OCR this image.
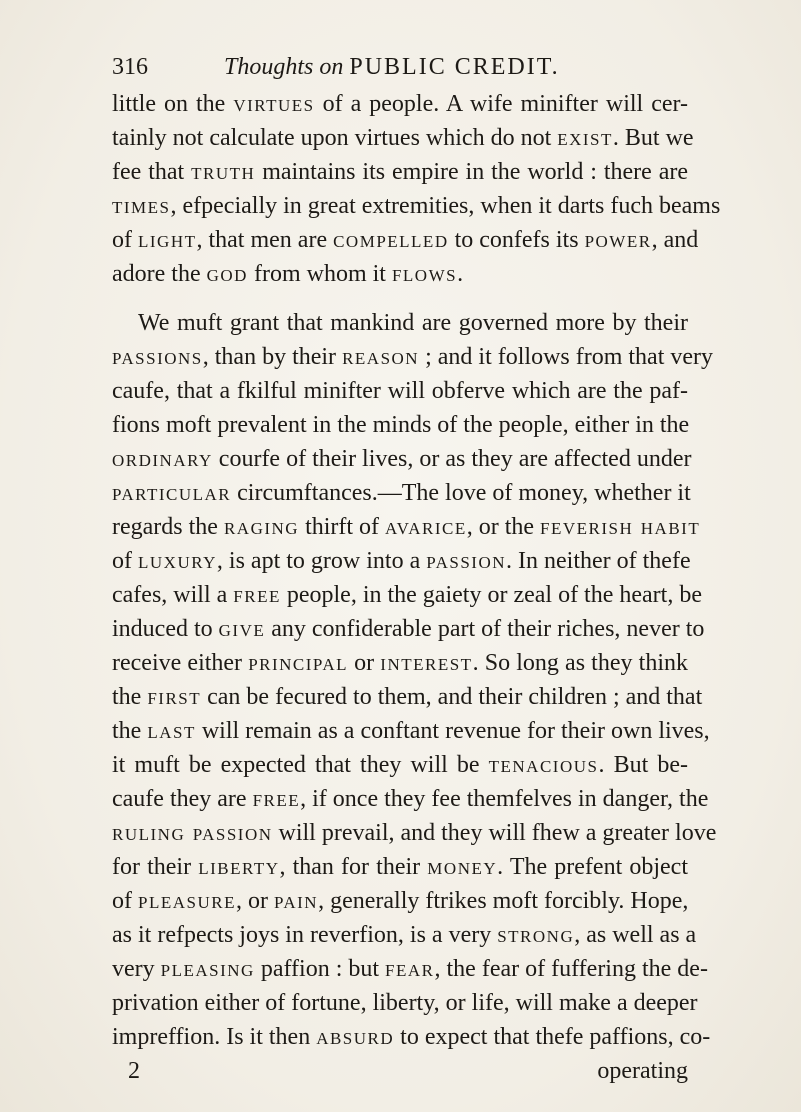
316	Thoughts on PUBLIC CREDIT.
little on the virtues of a people. A wife minifter will cer-
tainly not calculate upon virtues which do not exist. But we
fee that truth maintains its empire in the world : there are
times, efpecially in great extremities, when it darts fuch beams
of light, that men are compelled to confefs its power, and
adore the god from whom it flows.
We muft grant that mankind are governed more by their
passions, than by their reason ; and it follows from that very
caufe, that a fkilful minifter will obferve which are the paf-
fions moft prevalent in the minds of the people, either in the
ordinary courfe of their lives, or as they are affected under
particular circumftances.—The love of money, whether it
regards the raging thirft of avarice, or the feverish habit
of luxury, is apt to grow into a passion. In neither of thefe
cafes, will a free people, in the gaiety or zeal of the heart, be
induced to give any confiderable part of their riches, never to
receive either principal or interest. So long as they think
the first can be fecured to them, and their children ; and that
the last will remain as a conftant revenue for their own lives,
it muft be expected that they will be tenacious. But be-
caufe they are free, if once they fee themfelves in danger, the
ruling passion will prevail, and they will fhew a greater love
for their liberty, than for their money. The prefent object
of pleasure, or pain, generally ftrikes moft forcibly. Hope,
as it refpects joys in reverfion, is a very strong, as well as a
very pleasing paffion : but fear, the fear of fuffering the de-
privation either of fortune, liberty, or life, will make a deeper
impreffion. Is it then absurd to expect that thefe paffions, co-
2	operating
